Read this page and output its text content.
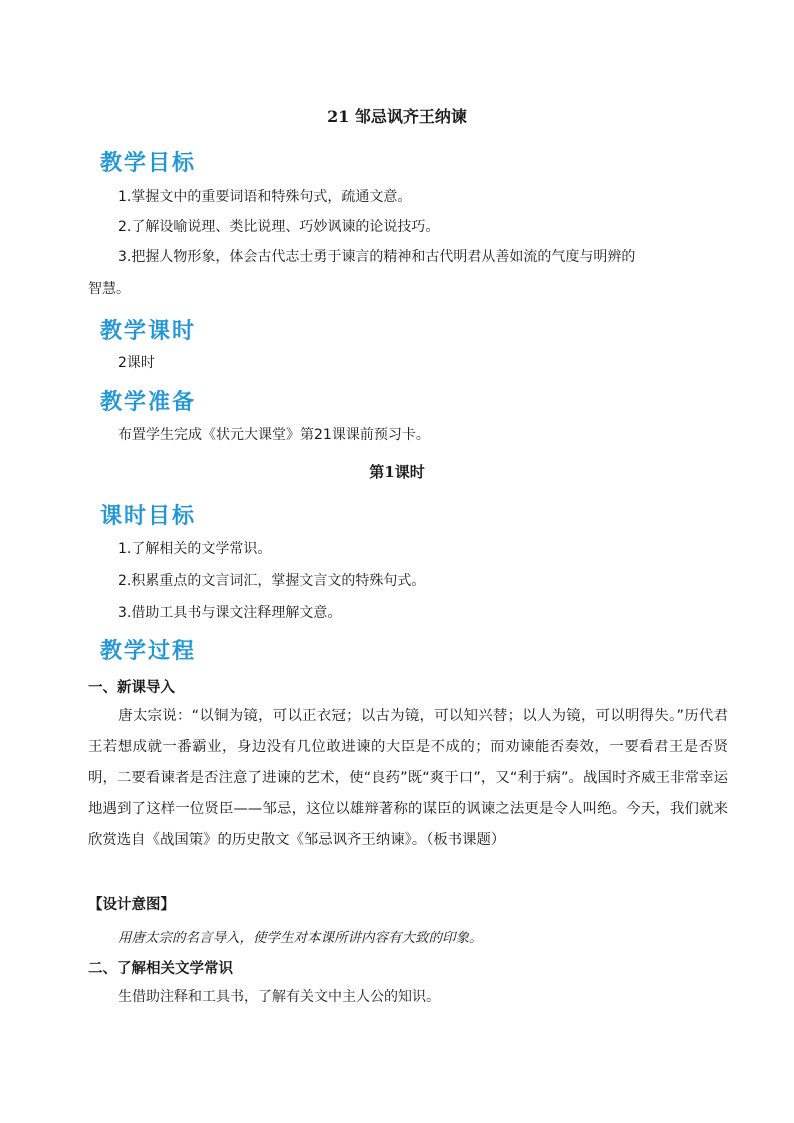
21 邹忌讽齐王纳谏
教学目标
1.掌握文中的重要词语和特殊句式，疏通文意。
2.了解设喻说理、类比说理、巧妙讽谏的论说技巧。
3.把握人物形象，体会古代志士勇于谏言的精神和古代明君从善如流的气度与明辨的
智慧。
教学课时
2课时
教学准备
布置学生完成《状元大课堂》第21课课前预习卡。
第1课时
课时目标
1.了解相关的文学常识。
2.积累重点的文言词汇，掌握文言文的特殊句式。
3.借助工具书与课文注释理解文意。
教学过程
一、新课导入
唐太宗说：“以铜为镜，可以正衣冠；以古为镜，可以知兴替；以人为镜，可以明得失。”历代君王若想成就一番霸业，身边没有几位敢进谏的大臣是不成的；而劝谏能否奏效，一要看君王是否贤明，二要看谏者是否注意了进谏的艺术，使“良药”既“爽于口”，又“利于病”。战国时齐威王非常幸运地遇到了这样一位贤臣——邹忌，这位以雄辩著称的谋臣的讽谏之法更是令人叫绝。今天，我们就来欣赏选自《战国策》的历史散文《邹忌讽齐王纳谏》。（板书课题）
【设计意图】
用唐太宗的名言导入，使学生对本课所讲内容有大致的印象。
二、了解相关文学常识
生借助注释和工具书，了解有关文中主人公的知识。
